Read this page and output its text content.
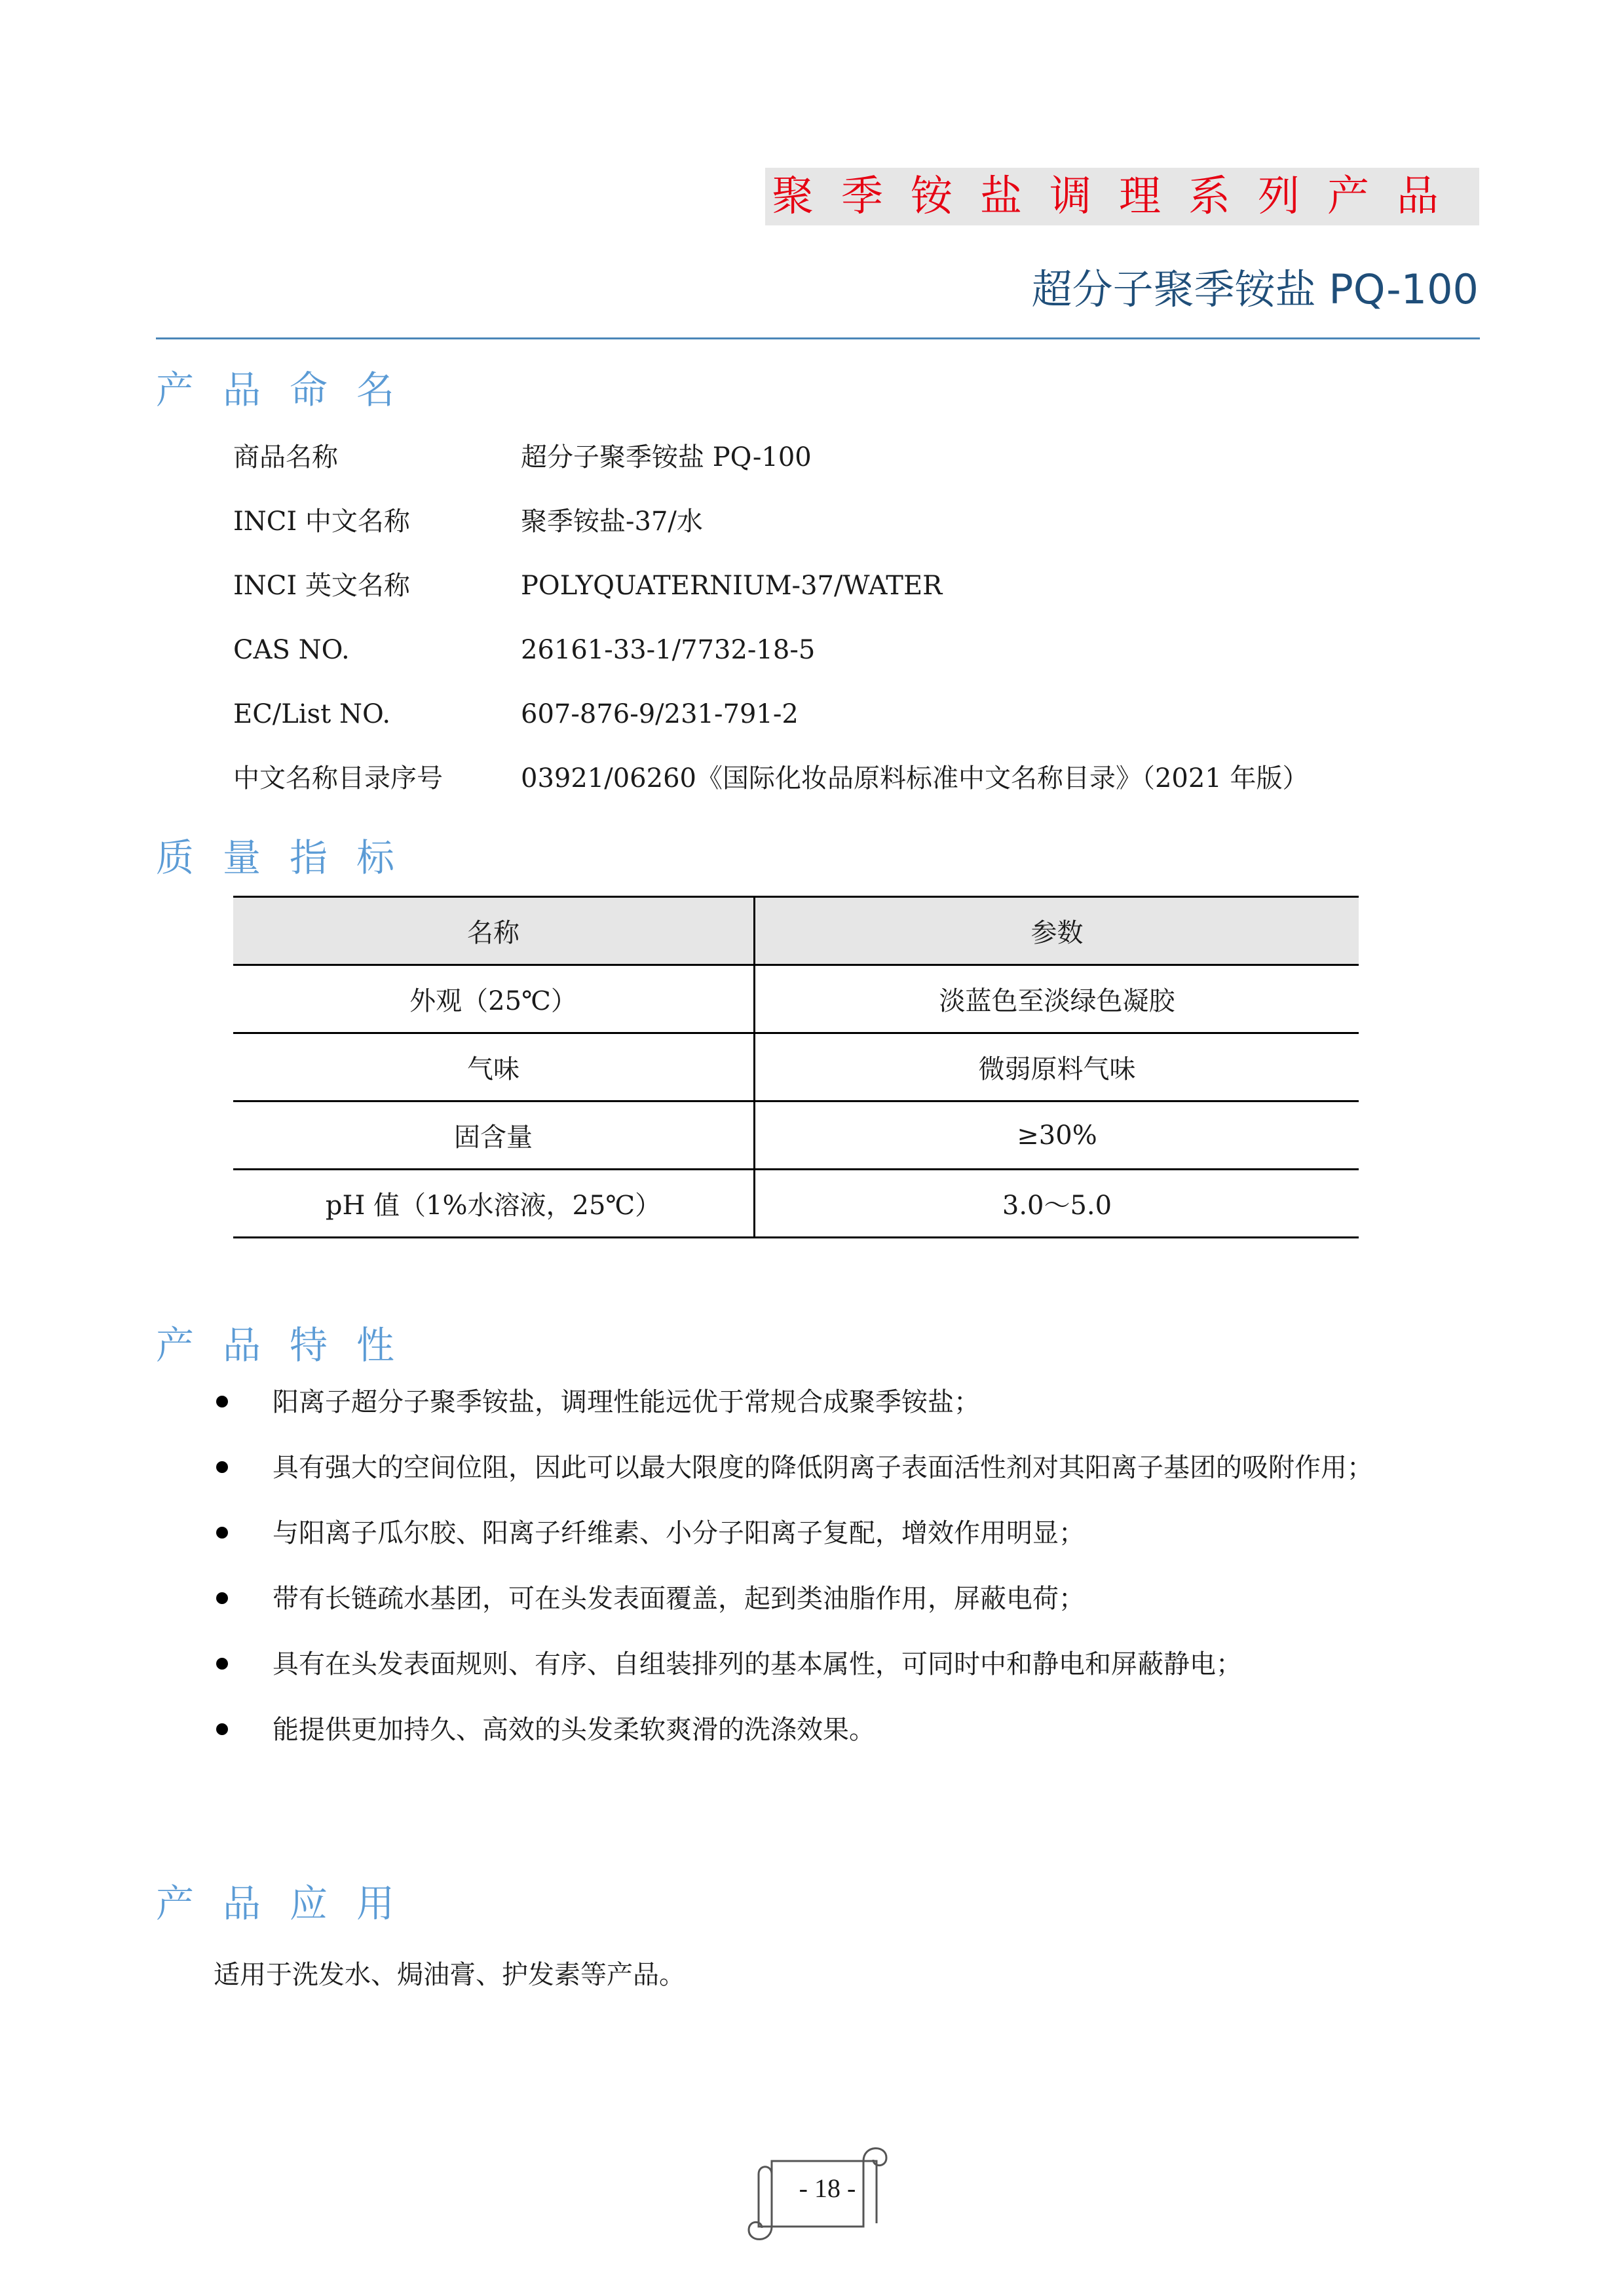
聚季铵盐调理系列产品
超分子聚季铵盐 PQ-100
产品命名
商品名称	超分子聚季铵盐 PQ-100
INCI 中文名称	聚季铵盐-37/水
INCI 英文名称	POLYQUATERNIUM-37/WATER
CAS NO.	26161-33-1/7732-18-5
EC/List NO.	607-876-9/231-791-2
中文名称目录序号	03921/06260《国际化妆品原料标准中文名称目录》（2021 年版）
质量指标
名称	参数
外观（25℃）	淡蓝色至淡绿色凝胶
气味	微弱原料气味
固含量	≥30%
pH 值（1%水溶液，25℃）	3.0～5.0
产品特性
阳离子超分子聚季铵盐，调理性能远优于常规合成聚季铵盐；
具有强大的空间位阻，因此可以最大限度的降低阴离子表面活性剂对其阳离子基团的吸附作用；
与阳离子瓜尔胶、阳离子纤维素、小分子阳离子复配，增效作用明显；
带有长链疏水基团，可在头发表面覆盖，起到类油脂作用，屏蔽电荷；
具有在头发表面规则、有序、自组装排列的基本属性，可同时中和静电和屏蔽静电；
能提供更加持久、高效的头发柔软爽滑的洗涤效果。
产品应用
适用于洗发水、焗油膏、护发素等产品。
- 18 -
